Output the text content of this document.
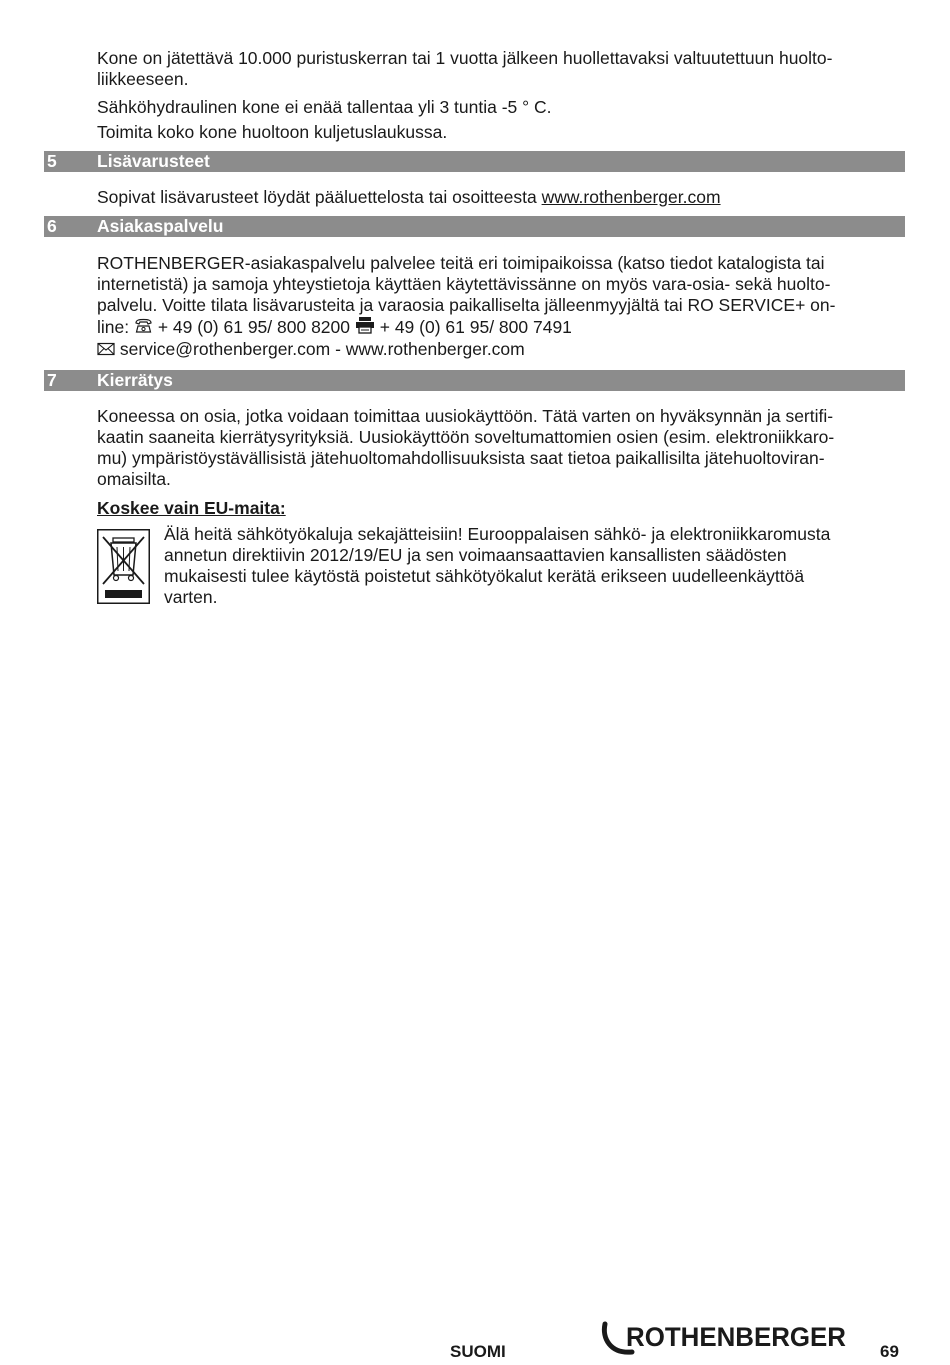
Kone on jätettävä 10.000 puristuskerran tai 1 vuotta jälkeen huollettavaksi valtuutettuun huolto-
liikkeeseen.
Sähköhydraulinen kone ei enää tallentaa yli 3 tuntia -5 ° C.
Toimita koko kone huoltoon kuljetuslaukussa.
5 Lisävarusteet
Sopivat lisävarusteet löydät pääluettelosta tai osoitteesta www.rothenberger.com
6 Asiakaspalvelu
ROTHENBERGER-asiakaspalvelu palvelee teitä eri toimipaikoissa (katso tiedot katalogista tai
internetistä) ja samoja yhteystietoja käyttäen käytettävissänne on myös vara-osia- sekä huolto-
palvelu. Voitte tilata lisävarusteita ja varaosia paikalliselta jälleenmyyjältä tai RO SERVICE+ on-
line:  + 49 (0) 61 95/ 800 8200  + 49 (0) 61 95/ 800 7491
service@rothenberger.com - www.rothenberger.com
7 Kierrätys
Koneessa on osia, jotka voidaan toimittaa uusiokäyttöön. Tätä varten on hyväksynnän ja sertifi-
kaatin saaneita kierrätysyrityksiä. Uusiokäyttöön soveltumattomien osien (esim. elektroniikkaro-
mu) ympäristöystävällisistä jätehuoltomahdollisuuksista saat tietoa paikallisilta jätehuoltoviran-
omaisilta.
Koskee vain EU-maita:
Älä heitä sähkötyökaluja sekajätteisiin! Eurooppalaisen sähkö- ja elektroniikkaromusta
annetun direktiivin 2012/19/EU ja sen voimaansaattavien kansallisten säädösten
mukaisesti tulee käytöstä poistetut sähkötyökalut kerätä erikseen uudelleenkäyttöä
varten.
SUOMI	ROTHENBERGER 69
